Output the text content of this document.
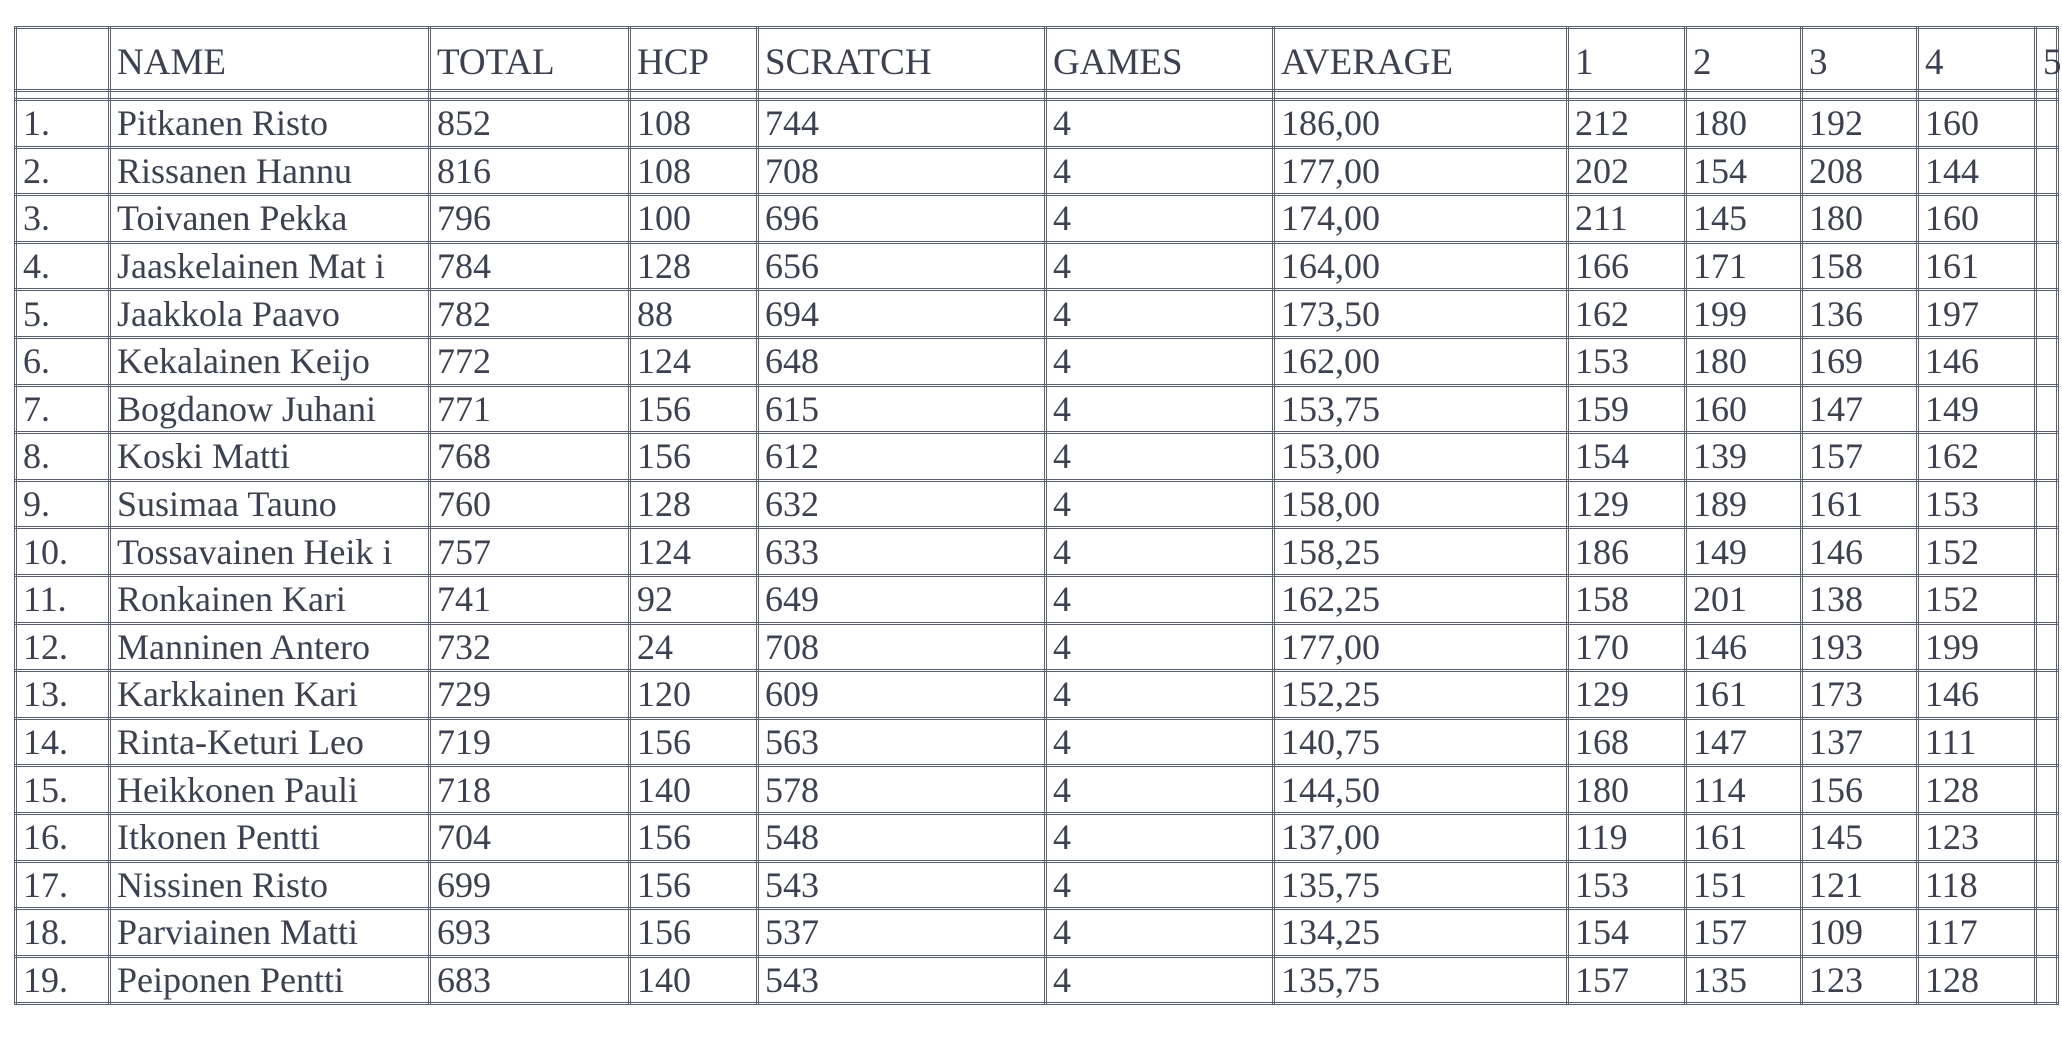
	NAME	TOTAL	HCP	SCRATCH	GAMES	AVERAGE	1	2	3	4	5

1.	Pitkanen Risto	852	108	744	4	186,00	212	180	192	160	
2.	Rissanen Hannu	816	108	708	4	177,00	202	154	208	144	
3.	Toivanen Pekka	796	100	696	4	174,00	211	145	180	160	
4.	Jaaskelainen Mat i	784	128	656	4	164,00	166	171	158	161	
5.	Jaakkola Paavo	782	88	694	4	173,50	162	199	136	197	
6.	Kekalainen Keijo	772	124	648	4	162,00	153	180	169	146	
7.	Bogdanow Juhani	771	156	615	4	153,75	159	160	147	149	
8.	Koski Matti	768	156	612	4	153,00	154	139	157	162	
9.	Susimaa Tauno	760	128	632	4	158,00	129	189	161	153	
10.	Tossavainen Heik i	757	124	633	4	158,25	186	149	146	152	
11.	Ronkainen Kari	741	92	649	4	162,25	158	201	138	152	
12.	Manninen Antero	732	24	708	4	177,00	170	146	193	199	
13.	Karkkainen Kari	729	120	609	4	152,25	129	161	173	146	
14.	Rinta-Keturi Leo	719	156	563	4	140,75	168	147	137	111	
15.	Heikkonen Pauli	718	140	578	4	144,50	180	114	156	128	
16.	Itkonen Pentti	704	156	548	4	137,00	119	161	145	123	
17.	Nissinen Risto	699	156	543	4	135,75	153	151	121	118	
18.	Parviainen Matti	693	156	537	4	134,25	154	157	109	117	
19.	Peiponen Pentti	683	140	543	4	135,75	157	135	123	128	
